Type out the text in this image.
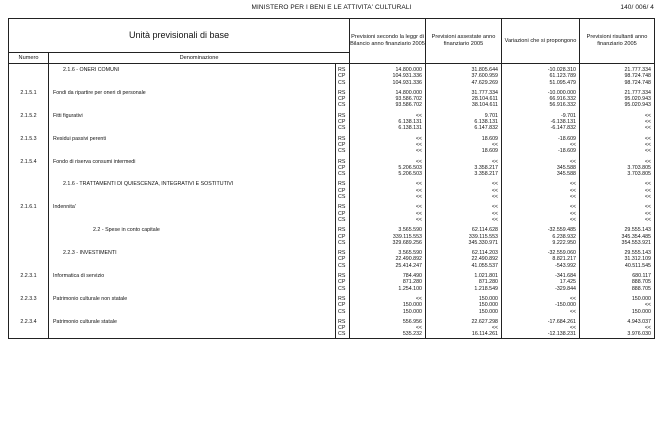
MINISTERO PER I BENI E LE ATTIVITA' CULTURALI	140/ 006/ 4
Unità previsionali di base			Previsioni secondo la leggr di Bilancio anno finanziario 2005	Previsioni assestate anno finanziario 2005	Variazioni che si propongono	Previsioni risultanti anno finanziario 2005
Numero	Denominazione					
	2.1.6 - ONERI COMUNI	RS	14.800.000	31.805.644	-10.028.310	21.777.334
		CP	104.931.336	37.600.959	61.123.789	98.724.748
		CS	104.931.336	47.629.269	51.095.479	98.724.748

2.1.5.1	Fondi da ripartire per oneri di personale	RS	14.800.000	31.777.334	-10.000.000	21.777.334
		CP	93.586.702	28.104.611	66.916.332	95.020.943
		CS	93.586.702	38.104.611	56.916.332	95.020.943

2.1.5.2	Fitti figurativi	RS	<<	9.701	-9.701	<<
		CP	6.138.131	6.138.131	-6.138.131	<<
		CS	6.138.131	6.147.832	-6.147.832	<<

2.1.5.3	Residui passivi perenti	RS	<<	18.609	-18.609	<<
		CP	<<	<<	<<	<<
		CS	<<	18.609	-18.609	<<

2.1.5.4	Fondo di riserva consumi intermedi	RS	<<	<<	<<	<<
		CP	5.206.503	3.358.217	345.588	3.703.805
		CS	5.206.503	3.358.217	345.588	3.703.805

	2.1.6 - TRATTAMENTI DI QUIESCENZA, INTEGRATIVI E SOSTITUTIVI	RS	<<	<<	<<	<<
		CP	<<	<<	<<	<<
		CS	<<	<<	<<	<<

2.1.6.1	Indennita'	RS	<<	<<	<<	<<
		CP	<<	<<	<<	<<
		CS	<<	<<	<<	<<

	2.2 - Spese in conto capitale	RS	3.565.590	62.114.628	-32.559.485	29.555.143
		CP	339.115.553	339.115.553	6.238.932	345.354.485
		CS	329.689.256	345.330.971	9.222.950	354.553.921

	2.2.3 - INVESTIMENTI	RS	3.565.590	62.114.203	-32.559.060	29.555.143
		CP	22.490.892	22.490.892	8.821.217	31.312.109
		CS	25.414.247	41.055.537	-543.992	40.511.545

2.2.3.1	Informatica di servizio	RS	784.490	1.021.801	-341.684	680.117
		CP	871.280	871.280	17.425	888.705
		CS	1.254.100	1.218.549	-329.844	888.705

2.2.3.3	Patrimonio culturale non statale	RS	<<	150.000	<<	150.000
		CP	150.000	150.000	-150.000	<<
		CS	150.000	150.000	<<	150.000

2.2.3.4	Patrimonio culturale statale	RS	556.956	22.627.298	-17.684.261	4.943.037
		CP	<<	<<	<<	<<
		CS	535.232	16.114.261	-12.138.231	3.976.030
